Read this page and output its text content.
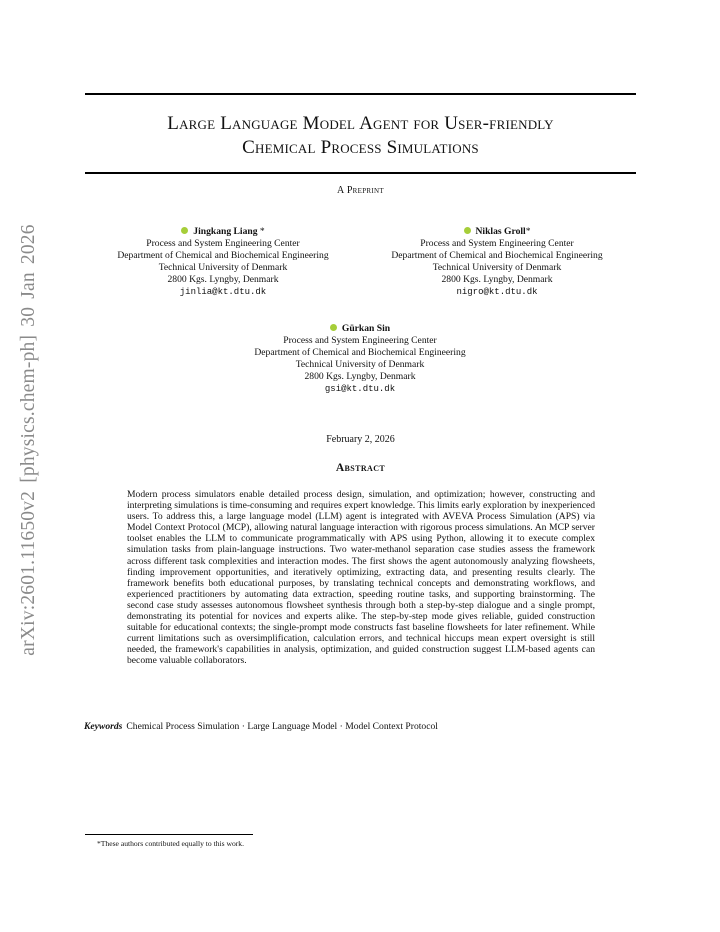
arXiv:2601.11650v2 [physics.chem-ph] 30 Jan 2026
Large Language Model Agent for User-friendly
Chemical Process Simulations
A Preprint
Jingkang Liang *
Process and System Engineering Center
Department of Chemical and Biochemical Engineering
Technical University of Denmark
2800 Kgs. Lyngby, Denmark
jinlia@kt.dtu.dk
Niklas Groll*
Process and System Engineering Center
Department of Chemical and Biochemical Engineering
Technical University of Denmark
2800 Kgs. Lyngby, Denmark
nigro@kt.dtu.dk
Gürkan Sin
Process and System Engineering Center
Department of Chemical and Biochemical Engineering
Technical University of Denmark
2800 Kgs. Lyngby, Denmark
gsi@kt.dtu.dk
February 2, 2026
Abstract
Modern process simulators enable detailed process design, simulation, and optimization; however, constructing and interpreting simulations is time-consuming and requires expert knowledge. This limits early exploration by inexperienced users. To address this, a large language model (LLM) agent is integrated with AVEVA Process Simulation (APS) via Model Context Protocol (MCP), allowing natural language interaction with rigorous process simulations. An MCP server toolset enables the LLM to communicate programmatically with APS using Python, allowing it to execute complex simulation tasks from plain-language instructions. Two water-methanol separation case studies assess the framework across different task complexities and interaction modes. The first shows the agent autonomously analyzing flowsheets, finding improvement opportunities, and iteratively optimizing, extracting data, and presenting results clearly. The framework benefits both educational purposes, by translating technical concepts and demonstrating workflows, and experienced practitioners by automating data extraction, speeding routine tasks, and supporting brainstorming. The second case study assesses autonomous flowsheet synthesis through both a step-by-step dialogue and a single prompt, demonstrating its potential for novices and experts alike. The step-by-step mode gives reliable, guided construction suitable for educational contexts; the single-prompt mode constructs fast baseline flowsheets for later refinement. While current limitations such as oversimplification, calculation errors, and technical hiccups mean expert oversight is still needed, the framework's capabilities in analysis, optimization, and guided construction suggest LLM-based agents can become valuable collaborators.
Keywords Chemical Process Simulation · Large Language Model · Model Context Protocol
*These authors contributed equally to this work.
